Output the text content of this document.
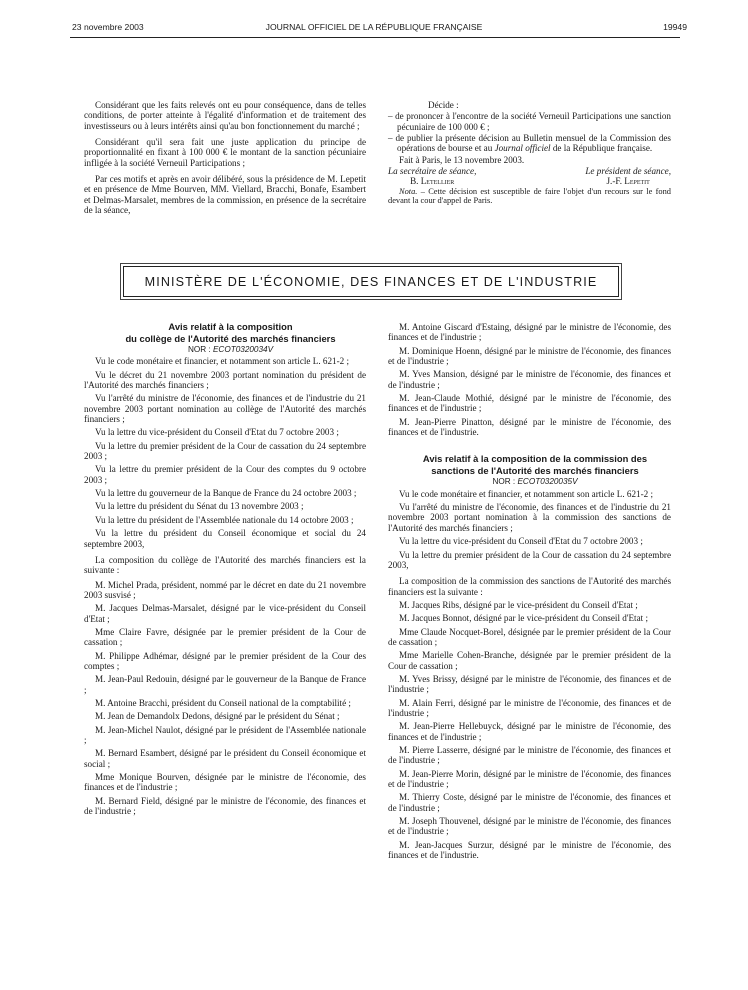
23 novembre 2003	JOURNAL OFFICIEL DE LA RÉPUBLIQUE FRANÇAISE	19949

Considérant que les faits relevés ont eu pour conséquence, dans de telles conditions, de porter atteinte à l'égalité d'information et de traitement des investisseurs ou à leurs intérêts ainsi qu'au bon fonctionnement du marché ;

Considérant qu'il sera fait une juste application du principe de proportionnalité en fixant à 100 000 € le montant de la sanction pécuniaire infligée à la société Verneuil Participations ;

Par ces motifs et après en avoir délibéré, sous la présidence de M. Lepetit et en présence de Mme Bourven, MM. Viellard, Bracchi, Bonafe, Esambert et Delmas-Marsalet, membres de la commission, en présence de la secrétaire de la séance,

Décide :

– de prononcer à l'encontre de la société Verneuil Participations une sanction pécuniaire de 100 000 € ;

– de publier la présente décision au Bulletin mensuel de la Commission des opérations de bourse et au Journal officiel de la République française.

Fait à Paris, le 13 novembre 2003.

La secrétaire de séance,
B. Letellier
Le président de séance,
J.-F. Lepetit

Nota. – Cette décision est susceptible de faire l'objet d'un recours sur le fond devant la cour d'appel de Paris.

MINISTÈRE DE L'ÉCONOMIE, DES FINANCES ET DE L'INDUSTRIE

Avis relatif à la composition

du collège de l'Autorité des marchés financiers

NOR : ECOT0320034V

Vu le code monétaire et financier, et notamment son article L. 621-2 ;

Vu le décret du 21 novembre 2003 portant nomination du président de l'Autorité des marchés financiers ;

Vu l'arrêté du ministre de l'économie, des finances et de l'industrie du 21 novembre 2003 portant nomination au collège de l'Autorité des marchés financiers ;

Vu la lettre du vice-président du Conseil d'Etat du 7 octobre 2003 ;

Vu la lettre du premier président de la Cour de cassation du 24 septembre 2003 ;

Vu la lettre du premier président de la Cour des comptes du 9 octobre 2003 ;

Vu la lettre du gouverneur de la Banque de France du 24 octobre 2003 ;

Vu la lettre du président du Sénat du 13 novembre 2003 ;

Vu la lettre du président de l'Assemblée nationale du 14 octobre 2003 ;

Vu la lettre du président du Conseil économique et social du 24 septembre 2003,

La composition du collège de l'Autorité des marchés financiers est la suivante :

M. Michel Prada, président, nommé par le décret en date du 21 novembre 2003 susvisé ;

M. Jacques Delmas-Marsalet, désigné par le vice-président du Conseil d'Etat ;

Mme Claire Favre, désignée par le premier président de la Cour de cassation ;

M. Philippe Adhémar, désigné par le premier président de la Cour des comptes ;

M. Jean-Paul Redouin, désigné par le gouverneur de la Banque de France ;

M. Antoine Bracchi, président du Conseil national de la comptabilité ;

M. Jean de Demandolx Dedons, désigné par le président du Sénat ;

M. Jean-Michel Naulot, désigné par le président de l'Assemblée nationale ;

M. Bernard Esambert, désigné par le président du Conseil économique et social ;

Mme Monique Bourven, désignée par le ministre de l'économie, des finances et de l'industrie ;

M. Bernard Field, désigné par le ministre de l'économie, des finances et de l'industrie ;

M. Antoine Giscard d'Estaing, désigné par le ministre de l'économie, des finances et de l'industrie ;

M. Dominique Hoenn, désigné par le ministre de l'économie, des finances et de l'industrie ;

M. Yves Mansion, désigné par le ministre de l'économie, des finances et de l'industrie ;

M. Jean-Claude Mothié, désigné par le ministre de l'économie, des finances et de l'industrie ;

M. Jean-Pierre Pinatton, désigné par le ministre de l'économie, des finances et de l'industrie.

Avis relatif à la composition de la commission des

sanctions de l'Autorité des marchés financiers

NOR : ECOT0320035V

Vu le code monétaire et financier, et notamment son article L. 621-2 ;

Vu l'arrêté du ministre de l'économie, des finances et de l'industrie du 21 novembre 2003 portant nomination à la commission des sanctions de l'Autorité des marchés financiers ;

Vu la lettre du vice-président du Conseil d'Etat du 7 octobre 2003 ;

Vu la lettre du premier président de la Cour de cassation du 24 septembre 2003,

La composition de la commission des sanctions de l'Autorité des marchés financiers est la suivante :

M. Jacques Ribs, désigné par le vice-président du Conseil d'Etat ;

M. Jacques Bonnot, désigné par le vice-président du Conseil d'Etat ;

Mme Claude Nocquet-Borel, désignée par le premier président de la Cour de cassation ;

Mme Marielle Cohen-Branche, désignée par le premier président de la Cour de cassation ;

M. Yves Brissy, désigné par le ministre de l'économie, des finances et de l'industrie ;

M. Alain Ferri, désigné par le ministre de l'économie, des finances et de l'industrie ;

M. Jean-Pierre Hellebuyck, désigné par le ministre de l'économie, des finances et de l'industrie ;

M. Pierre Lasserre, désigné par le ministre de l'économie, des finances et de l'industrie ;

M. Jean-Pierre Morin, désigné par le ministre de l'économie, des finances et de l'industrie ;

M. Thierry Coste, désigné par le ministre de l'économie, des finances et de l'industrie ;

M. Joseph Thouvenel, désigné par le ministre de l'économie, des finances et de l'industrie ;

M. Jean-Jacques Surzur, désigné par le ministre de l'économie, des finances et de l'industrie.
